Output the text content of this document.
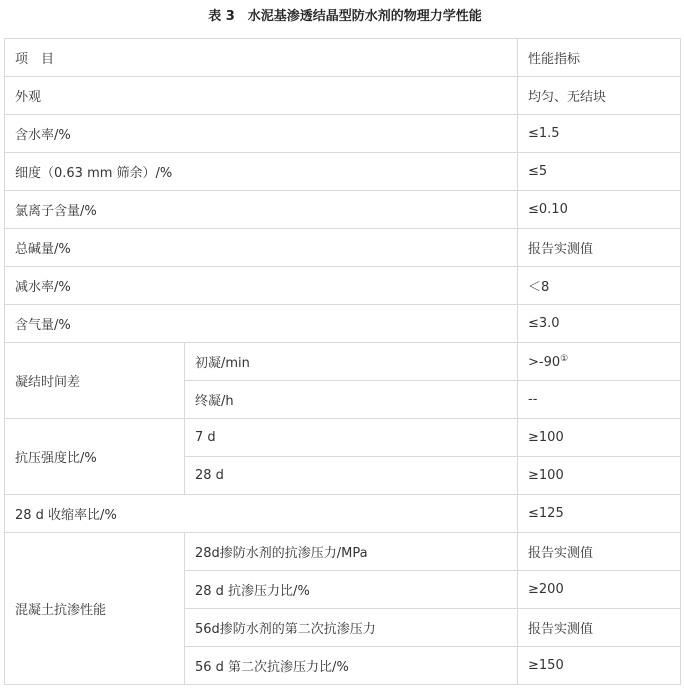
表 3　水泥基渗透结晶型防水剂的物理力学性能
项　目		性能指标
外观		均匀、无结块
含水率/%		≤1.5
细度（0.63 mm 筛余）/%		≤5
氯离子含量/%		≤0.10
总碱量/%		报告实测值
减水率/%		＜8
含气量/%		≤3.0
凝结时间差	初凝/min	>-90①
	终凝/h	--
抗压强度比/%	7 d	≥100
	28 d	≥100
28 d 收缩率比/%		≤125
混凝土抗渗性能	28d掺防水剂的抗渗压力/MPa	报告实测值
	28 d 抗渗压力比/%	≥200
	56d掺防水剂的第二次抗渗压力	报告实测值
	56 d 第二次抗渗压力比/%	≥150
